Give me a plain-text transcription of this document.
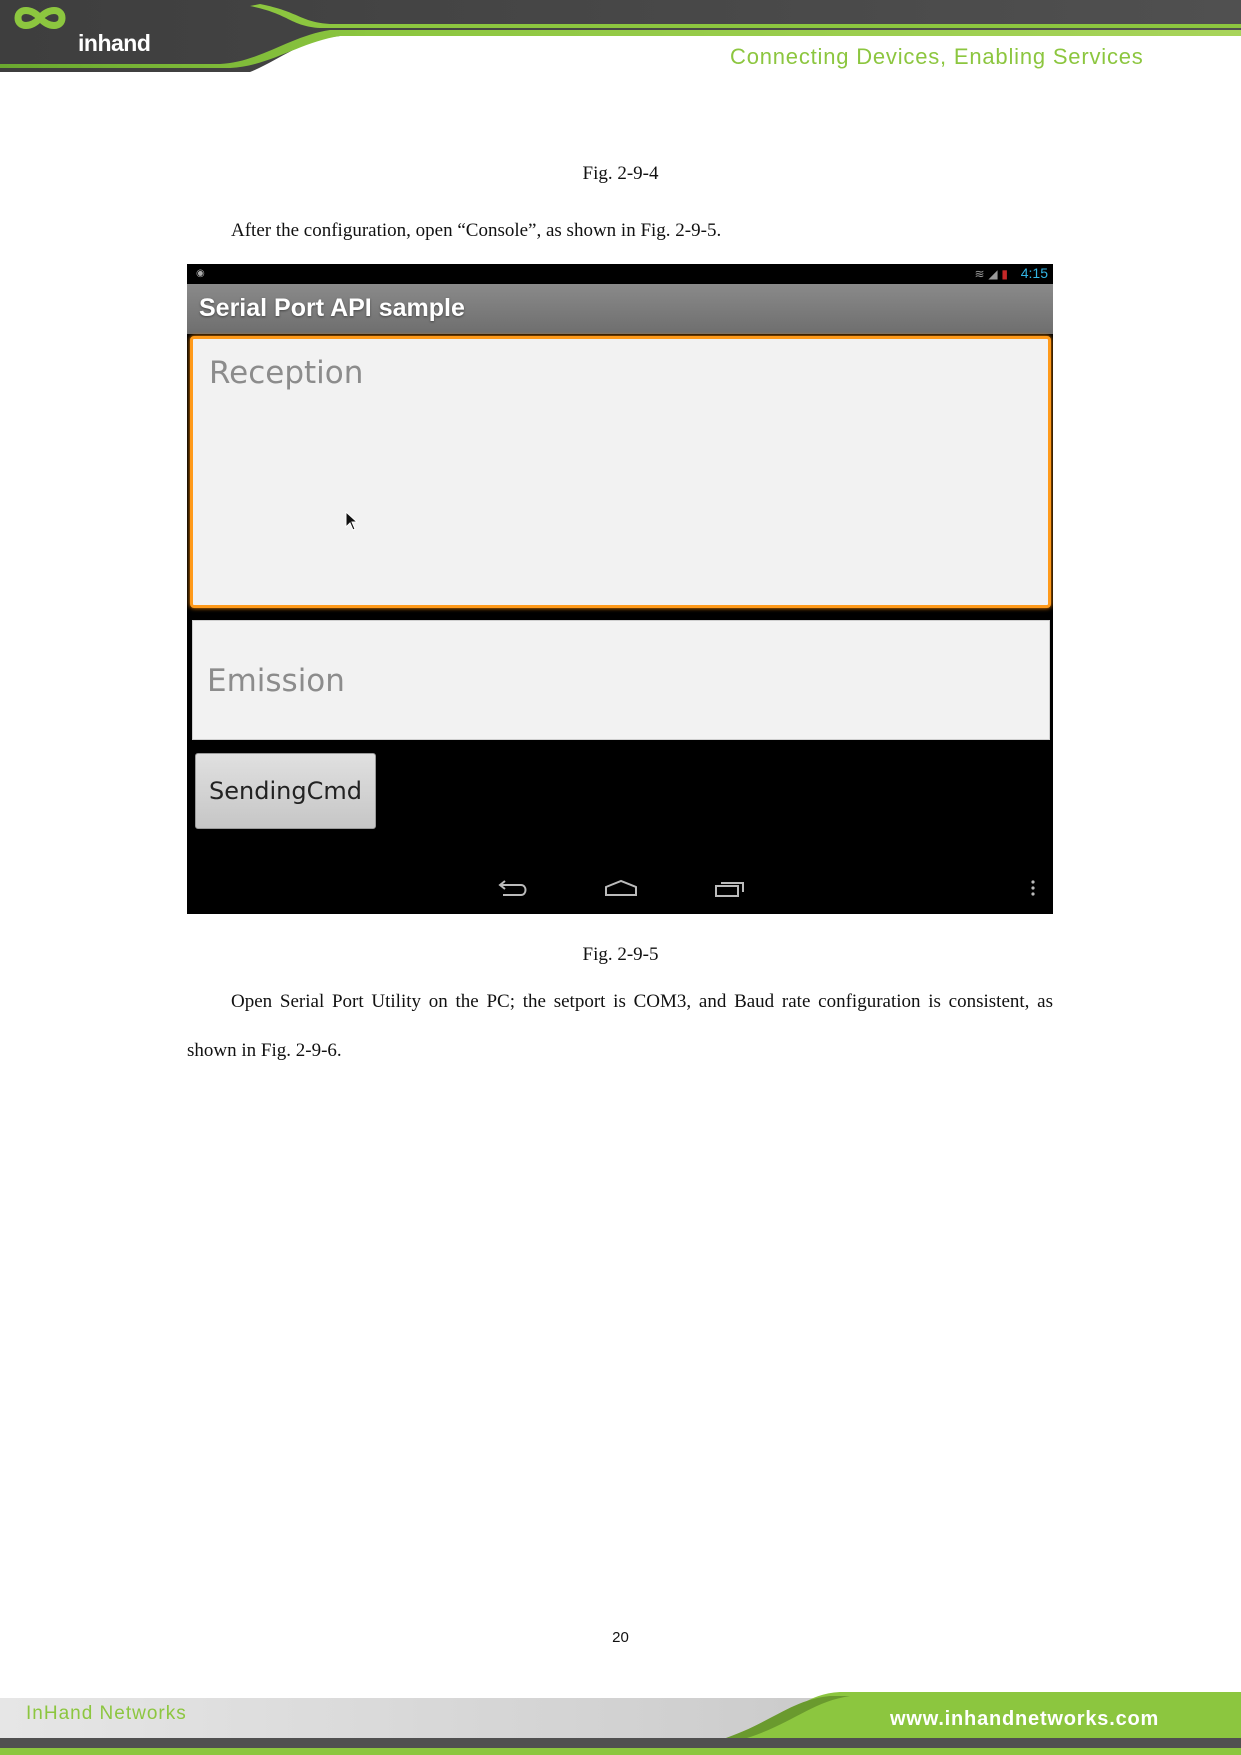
inhand
Connecting Devices, Enabling Services
Fig. 2-9-4
After the configuration, open “Console”, as shown in Fig. 2-9-5.
◉	≋ ◢ ▮ 4:15
Serial Port API sample
Reception
Emission
SendingCmd
Fig. 2-9-5
Open Serial Port Utility on the PC; the setport is COM3, and Baud rate configuration is consistent, as shown in Fig. 2-9-6.
20
InHand Networks	www.inhandnetworks.com
